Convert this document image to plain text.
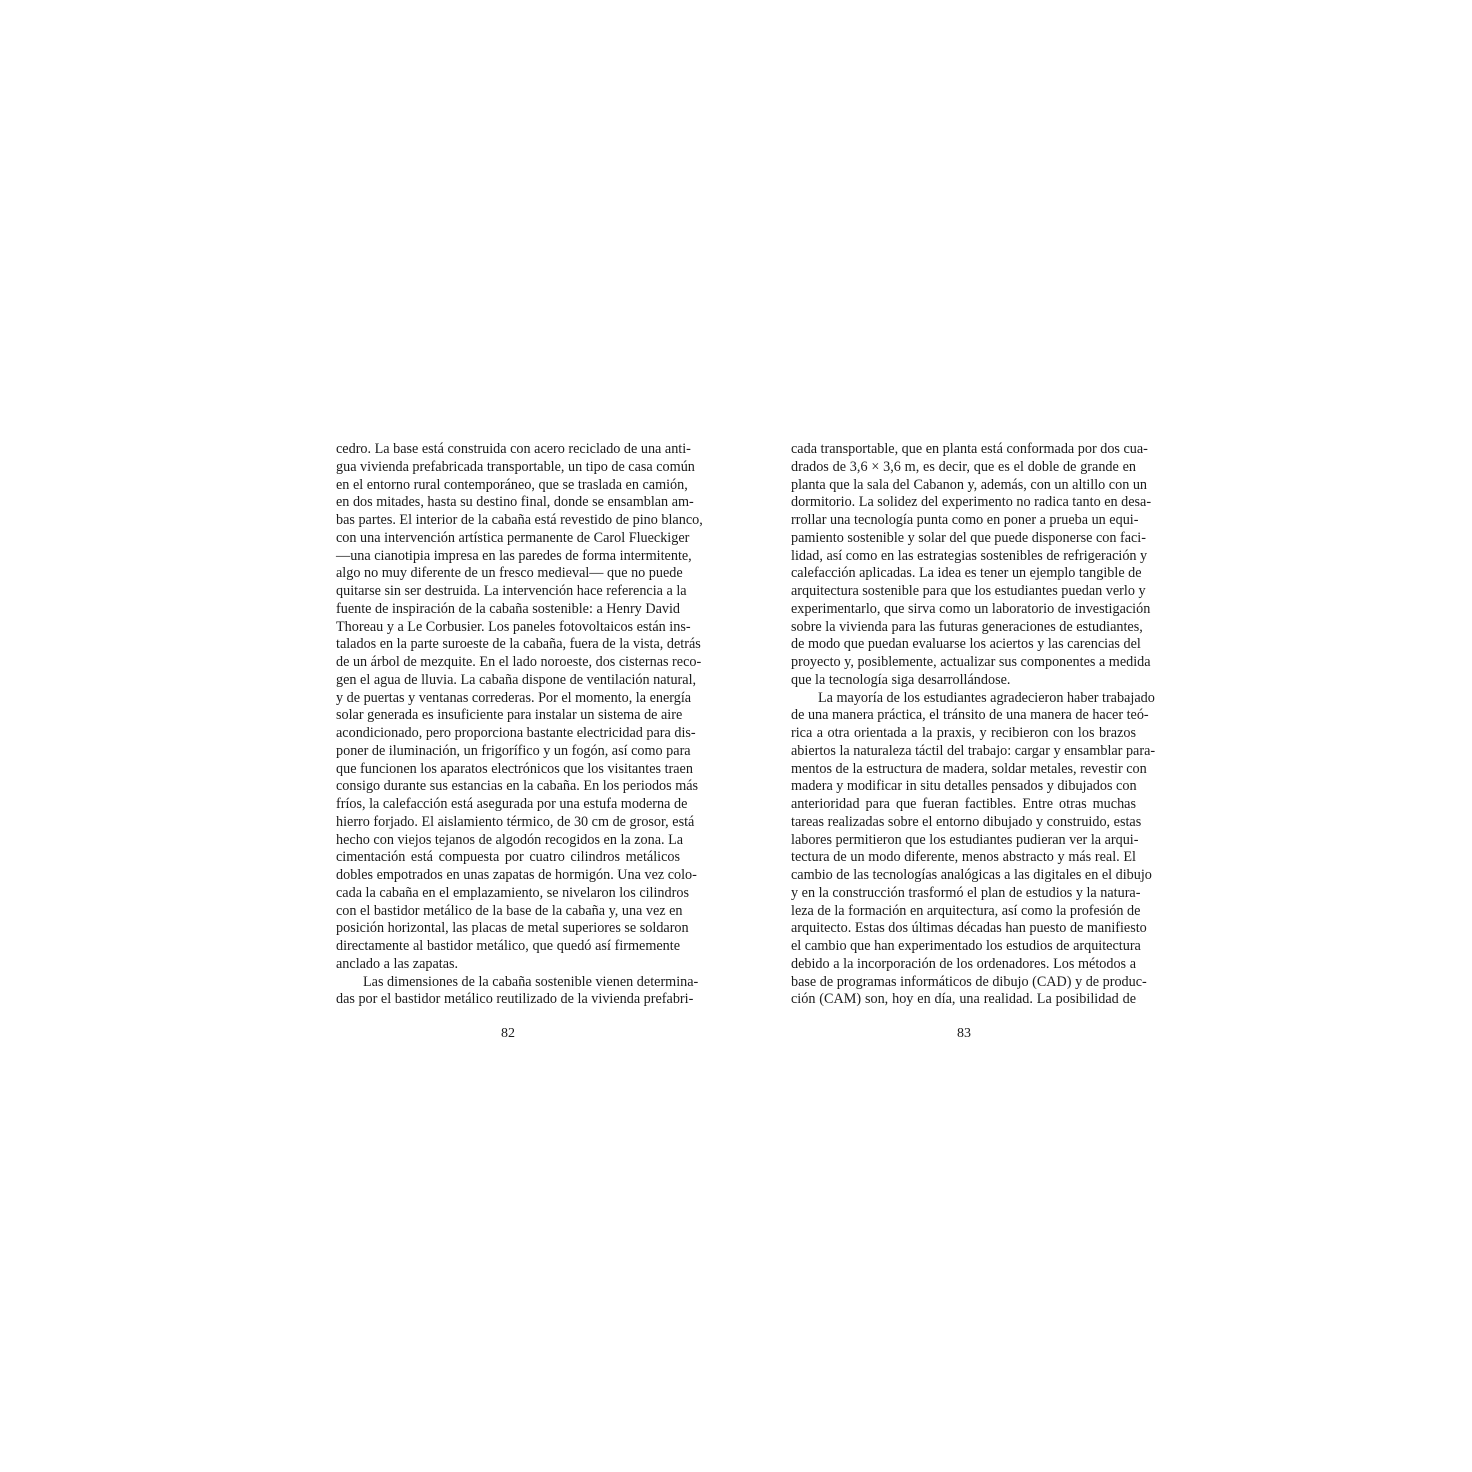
cedro. La base está construida con acero reciclado de una anti-
gua vivienda prefabricada transportable, un tipo de casa común
en el entorno rural contemporáneo, que se traslada en camión,
en dos mitades, hasta su destino final, donde se ensamblan am-
bas partes. El interior de la cabaña está revestido de pino blanco,
con una intervención artística permanente de Carol Flueckiger
—una cianotipia impresa en las paredes de forma intermitente,
algo no muy diferente de un fresco medieval— que no puede
quitarse sin ser destruida. La intervención hace referencia a la
fuente de inspiración de la cabaña sostenible: a Henry David
Thoreau y a Le Corbusier. Los paneles fotovoltaicos están ins-
talados en la parte suroeste de la cabaña, fuera de la vista, detrás
de un árbol de mezquite. En el lado noroeste, dos cisternas reco-
gen el agua de lluvia. La cabaña dispone de ventilación natural,
y de puertas y ventanas correderas. Por el momento, la energía
solar generada es insuficiente para instalar un sistema de aire
acondicionado, pero proporciona bastante electricidad para dis-
poner de iluminación, un frigorífico y un fogón, así como para
que funcionen los aparatos electrónicos que los visitantes traen
consigo durante sus estancias en la cabaña. En los periodos más
fríos, la calefacción está asegurada por una estufa moderna de
hierro forjado. El aislamiento térmico, de 30 cm de grosor, está
hecho con viejos tejanos de algodón recogidos en la zona. La
cimentación está compuesta por cuatro cilindros metálicos
dobles empotrados en unas zapatas de hormigón. Una vez colo-
cada la cabaña en el emplazamiento, se nivelaron los cilindros
con el bastidor metálico de la base de la cabaña y, una vez en
posición horizontal, las placas de metal superiores se soldaron
directamente al bastidor metálico, que quedó así firmemente
anclado a las zapatas.
Las dimensiones de la cabaña sostenible vienen determina-
das por el bastidor metálico reutilizado de la vivienda prefabri-
82
cada transportable, que en planta está conformada por dos cua-
drados de 3,6 × 3,6 m, es decir, que es el doble de grande en
planta que la sala del Cabanon y, además, con un altillo con un
dormitorio. La solidez del experimento no radica tanto en desa-
rrollar una tecnología punta como en poner a prueba un equi-
pamiento sostenible y solar del que puede disponerse con faci-
lidad, así como en las estrategias sostenibles de refrigeración y
calefacción aplicadas. La idea es tener un ejemplo tangible de
arquitectura sostenible para que los estudiantes puedan verlo y
experimentarlo, que sirva como un laboratorio de investigación
sobre la vivienda para las futuras generaciones de estudiantes,
de modo que puedan evaluarse los aciertos y las carencias del
proyecto y, posiblemente, actualizar sus componentes a medida
que la tecnología siga desarrollándose.
La mayoría de los estudiantes agradecieron haber trabajado
de una manera práctica, el tránsito de una manera de hacer teó-
rica a otra orientada a la praxis, y recibieron con los brazos
abiertos la naturaleza táctil del trabajo: cargar y ensamblar para-
mentos de la estructura de madera, soldar metales, revestir con
madera y modificar in situ detalles pensados y dibujados con
anterioridad para que fueran factibles. Entre otras muchas
tareas realizadas sobre el entorno dibujado y construido, estas
labores permitieron que los estudiantes pudieran ver la arqui-
tectura de un modo diferente, menos abstracto y más real. El
cambio de las tecnologías analógicas a las digitales en el dibujo
y en la construcción trasformó el plan de estudios y la natura-
leza de la formación en arquitectura, así como la profesión de
arquitecto. Estas dos últimas décadas han puesto de manifiesto
el cambio que han experimentado los estudios de arquitectura
debido a la incorporación de los ordenadores. Los métodos a
base de programas informáticos de dibujo (CAD) y de produc-
ción (CAM) son, hoy en día, una realidad. La posibilidad de
83
